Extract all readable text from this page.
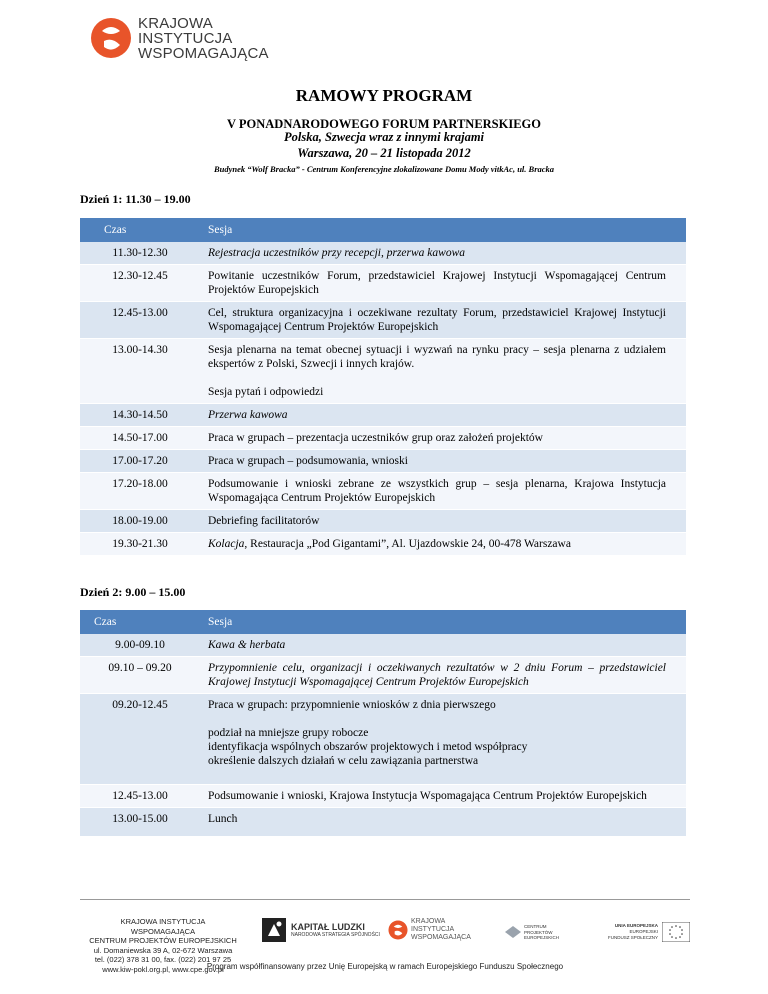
KRAJOWA
INSTYTUCJA
WSPOMAGAJĄCA
RAMOWY PROGRAM
V PONADNARODOWEGO FORUM PARTNERSKIEGO
Polska, Szwecja wraz z innymi krajami
Warszawa, 20 – 21 listopada 2012
Budynek “Wolf Bracka” - Centrum Konferencyjne zlokalizowane Domu Mody vitkAc, ul. Bracka
Dzień 1: 11.30 – 19.00
Czas	Sesja
11.30-12.30	Rejestracja uczestników przy recepcji, przerwa kawowa
12.30-12.45	Powitanie uczestników Forum, przedstawiciel Krajowej Instytucji Wspomagającej Centrum Projektów Europejskich
12.45-13.00	Cel, struktura organizacyjna i oczekiwane rezultaty Forum, przedstawiciel Krajowej Instytucji Wspomagającej Centrum Projektów Europejskich
13.00-14.30	Sesja plenarna na temat obecnej sytuacji i wyzwań na rynku pracy – sesja plenarna z udziałem ekspertów z Polski, Szwecji i innych krajów.
Sesja pytań i odpowiedzi

14.30-14.50	Przerwa kawowa
14.50-17.00	Praca w grupach – prezentacja uczestników grup oraz założeń projektów
17.00-17.20	Praca w grupach – podsumowania, wnioski
17.20-18.00	Podsumowanie i wnioski zebrane ze wszystkich grup – sesja plenarna, Krajowa Instytucja Wspomagająca Centrum Projektów Europejskich
18.00-19.00	Debriefing facilitatorów
19.30-21.30	Kolacja, Restauracja „Pod Gigantami”, Al. Ujazdowskie 24, 00-478 Warszawa
Dzień 2: 9.00 – 15.00
Czas	Sesja
9.00-09.10	Kawa & herbata
09.10 – 09.20	Przypomnienie celu, organizacji i oczekiwanych rezultatów w 2 dniu Forum – przedstawiciel Krajowej Instytucji Wspomagającej Centrum Projektów Europejskich
09.20-12.45	Praca w grupach: przypomnienie wniosków z dnia pierwszego
podział na mniejsze grupy robocze
identyfikacja wspólnych obszarów projektowych i metod współpracy
określenie dalszych działań w celu zawiązania partnerstwa

12.45-13.00	Podsumowanie i wnioski, Krajowa Instytucja Wspomagająca Centrum Projektów Europejskich
13.00-15.00	Lunch
KRAJOWA INSTYTUCJA WSPOMAGAJĄCA
CENTRUM PROJEKTÓW EUROPEJSKICH
ul. Domaniewska 39 A, 02-672 Warszawa
tel. (022) 378 31 00, fax. (022) 201 97 25
www.kiw-pokl.org.pl, www.cpe.gov.pl
KAPITAŁ LUDZKI
NARODOWA STRATEGIA SPÓJNOŚCI
KRAJOWA
INSTYTUCJA
WSPOMAGAJĄCA
CENTRUM PROJEKTÓW EUROPEJSKICH
UNIA EUROPEJSKA
EUROPEJSKI
FUNDUSZ SPOŁECZNY
Program współfinansowany przez Unię Europejską w ramach Europejskiego Funduszu Społecznego
